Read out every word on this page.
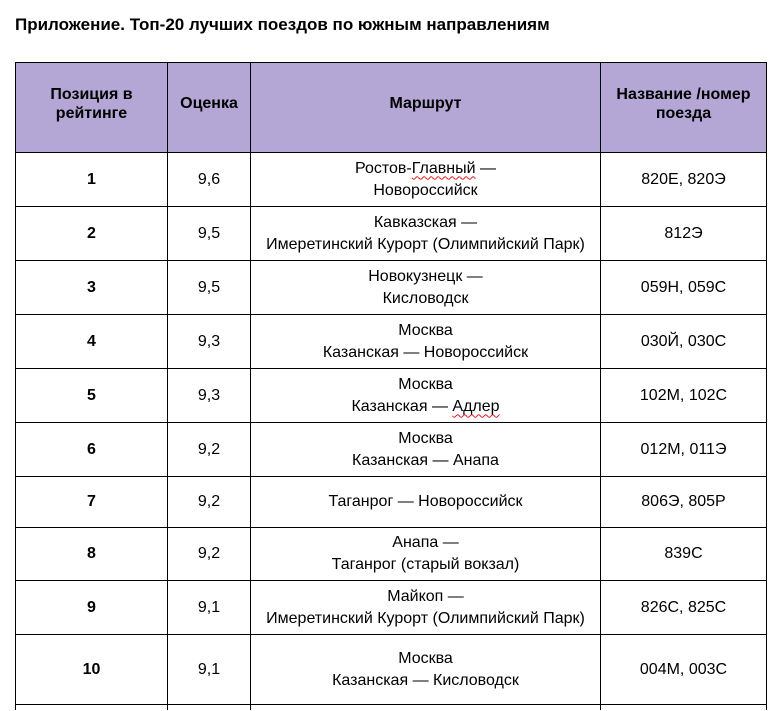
Приложение. Топ-20 лучших поездов по южным направлениям
Позиция в рейтинге	Оценка	Маршрут	Название /номер поезда
1	9,6	Ростов-Главный —
Новороссийск	820Е, 820Э
2	9,5	Кавказская —
Имеретинский Курорт (Олимпийский Парк)	812Э
3	9,5	Новокузнецк —
Кисловодск	059Н, 059С
4	9,3	Москва
Казанская — Новороссийск	030Й, 030С
5	9,3	Москва
Казанская — Адлер	102М, 102С
6	9,2	Москва
Казанская — Анапа	012М, 011Э
7	9,2	Таганрог — Новороссийск	806Э, 805Р
8	9,2	Анапа —
Таганрог (старый вокзал)	839С
9	9,1	Майкоп —
Имеретинский Курорт (Олимпийский Парк)	826С, 825С
10	9,1	Москва
Казанская — Кисловодск	004М, 003С
